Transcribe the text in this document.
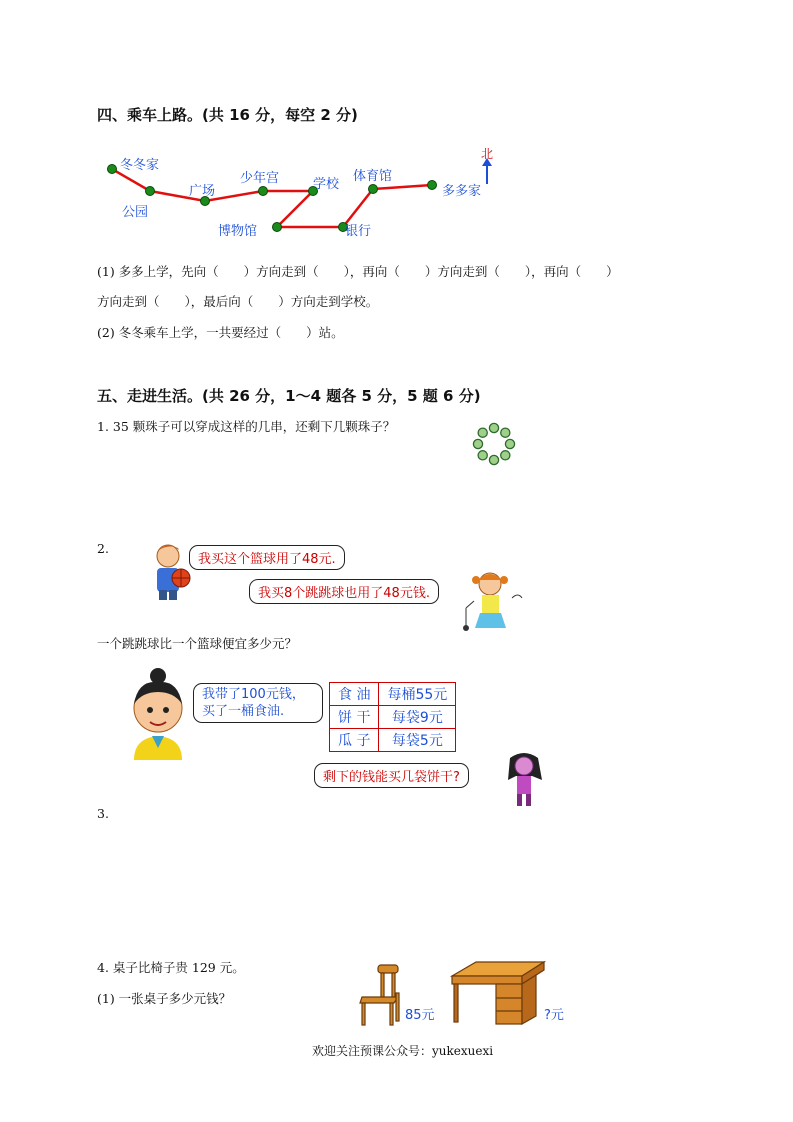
四、乘车上路。(共 16 分，每空 2 分)
北
冬冬家
公园
广场
少年宫	学校
体育馆
多多家
博物馆	银行
(1) 多多上学，先向（　　）方向走到（　　），再向（　　）方向走到（　　），再向（　　）
方向走到（　　），最后向（　　）方向走到学校。
(2) 冬冬乘车上学，一共要经过（　　）站。
五、走进生活。(共 26 分，1～4 题各 5 分，5 题 6 分)
1. 35 颗珠子可以穿成这样的几串，还剩下几颗珠子？
2.
我买这个篮球用了48元.
我买8个跳跳球也用了48元钱.
一个跳跳球比一个篮球便宜多少元？
我带了100元钱，买了一桶食油.
食 油	每桶55元
饼 干	每袋9元
瓜 子	每袋5元
剩下的钱能买几袋饼干?
3.
4. 桌子比椅子贵 129 元。
(1) 一张桌子多少元钱？
85元	?元
欢迎关注预课公众号：yukexuexi
